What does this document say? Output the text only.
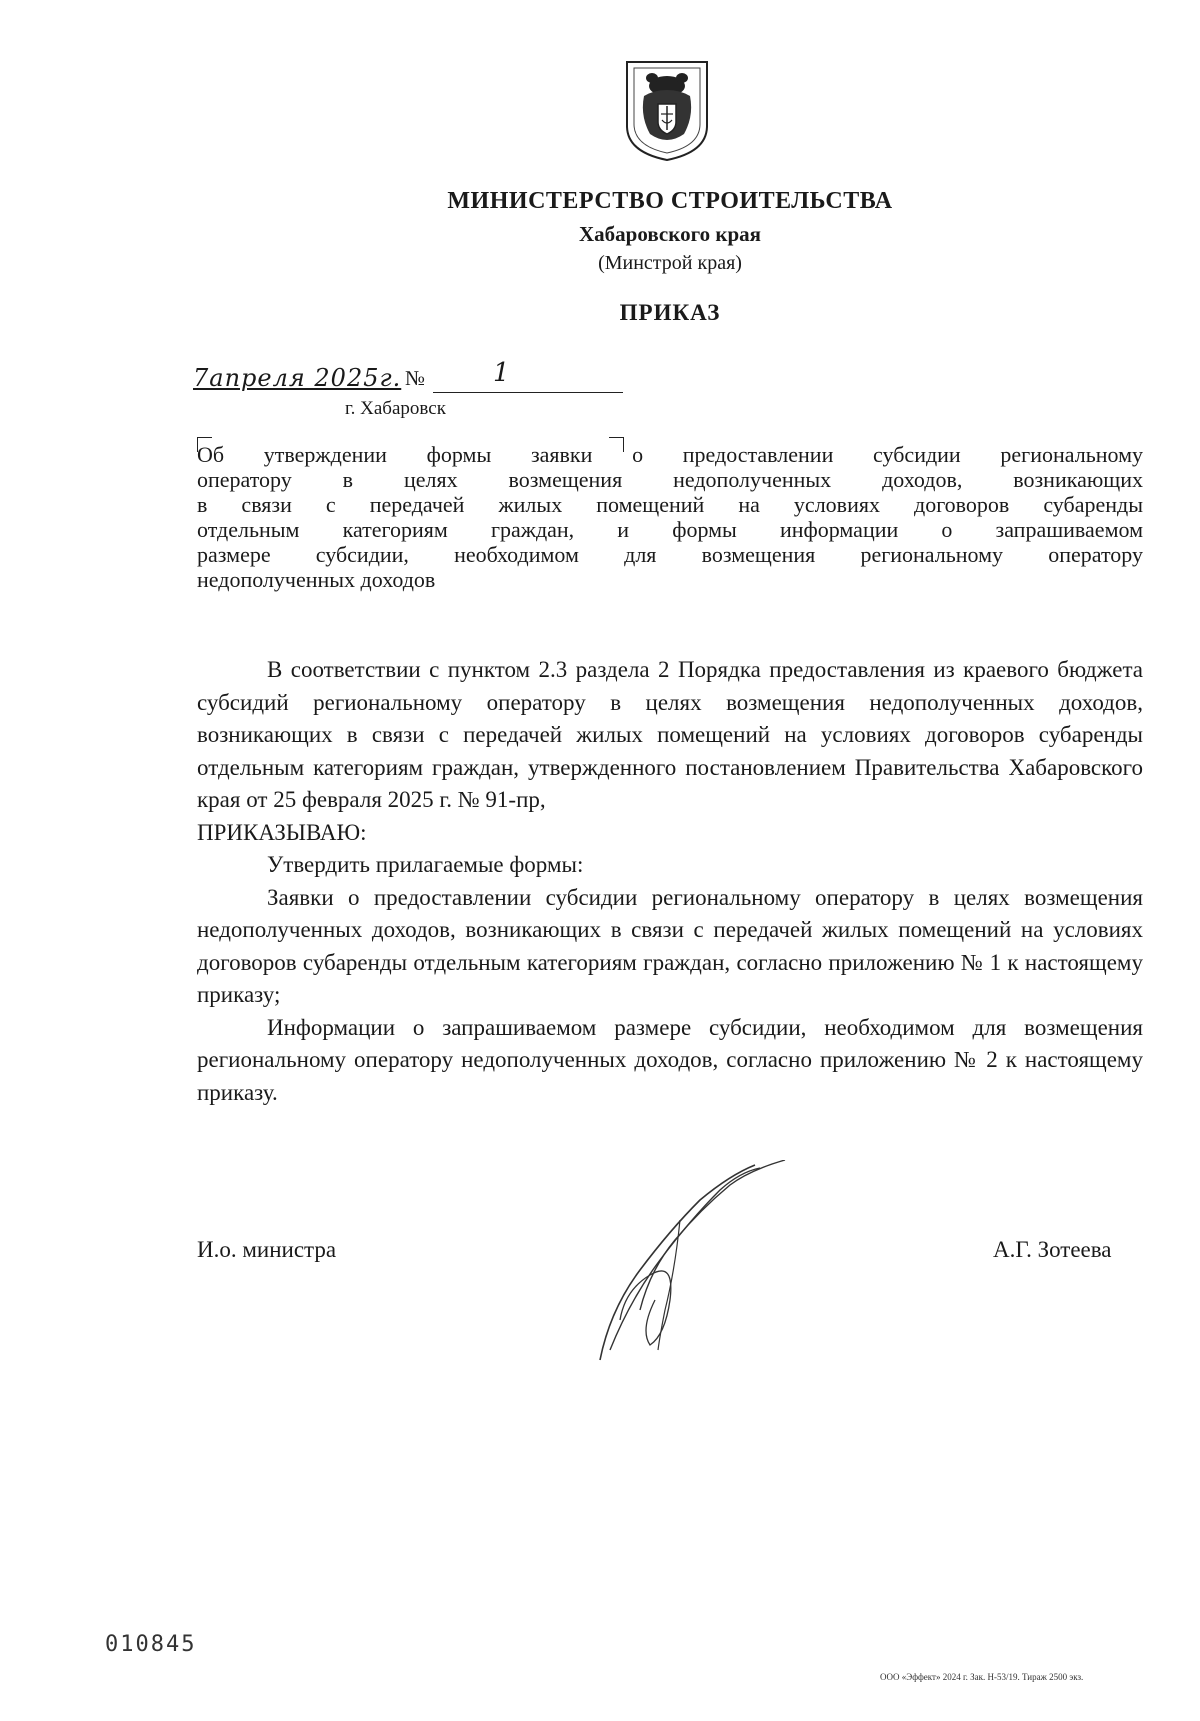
МИНИСТЕРСТВО СТРОИТЕЛЬСТВА
Хабаровского края
(Минстрой края)
ПРИКАЗ
7апреля 2025г. №	1
г. Хабаровск
Об утверждении формы заявки о предоставлении субсидии региональному
оператору в целях возмещения недополученных доходов, возникающих
в связи с передачей жилых помещений на условиях договоров субаренды
отдельным категориям граждан, и формы информации о запрашиваемом
размере субсидии, необходимом для возмещения региональному оператору
недополученных доходов
В соответствии с пунктом 2.3 раздела 2 Порядка предоставления из краевого бюджета субсидий региональному оператору в целях возмещения недополученных доходов, возникающих в связи с передачей жилых помещений на условиях договоров субаренды отдельным категориям граждан, утвержденного постановлением Правительства Хабаровского края от 25 февраля 2025 г. № 91-пр,
ПРИКАЗЫВАЮ:
Утвердить прилагаемые формы:
Заявки о предоставлении субсидии региональному оператору в целях возмещения недополученных доходов, возникающих в связи с передачей жилых помещений на условиях договоров субаренды отдельным категориям граждан, согласно приложению № 1 к настоящему приказу;
Информации о запрашиваемом размере субсидии, необходимом для возмещения региональному оператору недополученных доходов, согласно приложению № 2 к настоящему приказу.
И.о. министра	А.Г. Зотеева
010845
ООО «Эффект» 2024 г. Зак. Н-53/19. Тираж 2500 экз.
